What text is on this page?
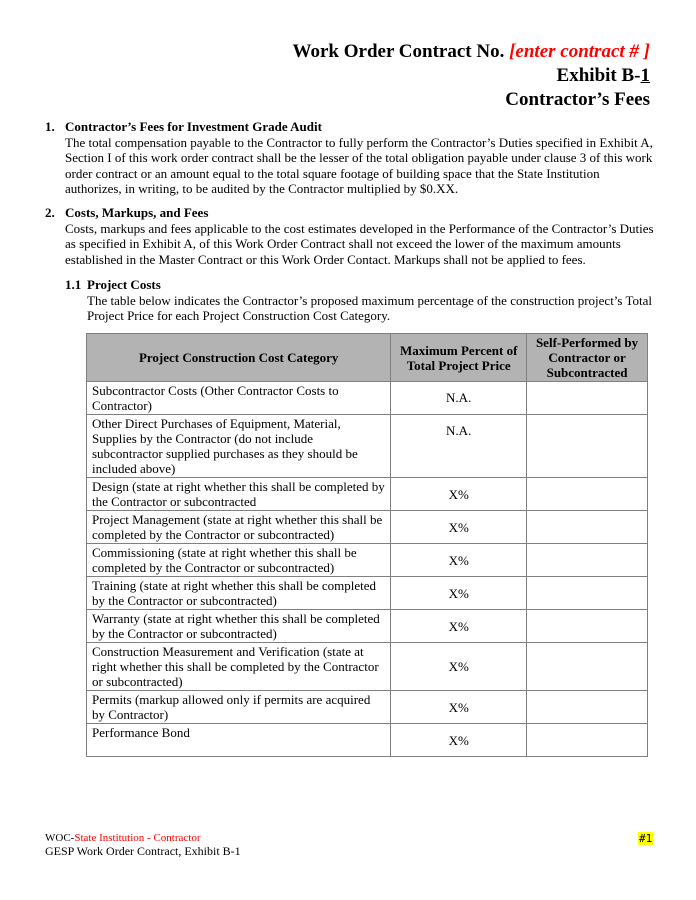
Work Order Contract No. [enter contract # ]
Exhibit B-1
Contractor’s Fees
1. Contractor’s Fees for Investment Grade Audit
The total compensation payable to the Contractor to fully perform the Contractor’s Duties specified in Exhibit A, Section I of this work order contract shall be the lesser of the total obligation payable under clause 3 of this work order contract or an amount equal to the total square footage of building space that the State Institution authorizes, in writing, to be audited by the Contractor multiplied by $0.XX.
2. Costs, Markups, and Fees
Costs, markups and fees applicable to the cost estimates developed in the Performance of the Contractor’s Duties as specified in Exhibit A, of this Work Order Contract shall not exceed the lower of the maximum amounts established in the Master Contract or this Work Order Contact. Markups shall not be applied to fees.
1.1 Project Costs
The table below indicates the Contractor’s proposed maximum percentage of the construction project’s Total Project Price for each Project Construction Cost Category.
Project Construction Cost Category	Maximum Percent of Total Project Price	Self-Performed by Contractor or Subcontracted
Subcontractor Costs (Other Contractor Costs to Contractor)	N.A.	
Other Direct Purchases of Equipment, Material, Supplies by the Contractor (do not include subcontractor supplied purchases as they should be included above)	N.A.	
Design (state at right whether this shall be completed by the Contractor or subcontracted	X%	
Project Management (state at right whether this shall be completed by the Contractor or subcontracted)	X%	
Commissioning (state at right whether this shall be completed by the Contractor or subcontracted)	X%	
Training (state at right whether this shall be completed by the Contractor or subcontracted)	X%	
Warranty (state at right whether this shall be completed by the Contractor or subcontracted)	X%	
Construction Measurement and Verification (state at right whether this shall be completed by the Contractor or subcontracted)	X%	
Permits (markup allowed only if permits are acquired by Contractor)	X%	
Performance Bond	X%	
WOC-State Institution - Contractor
GESP Work Order Contract, Exhibit B-1
#1
